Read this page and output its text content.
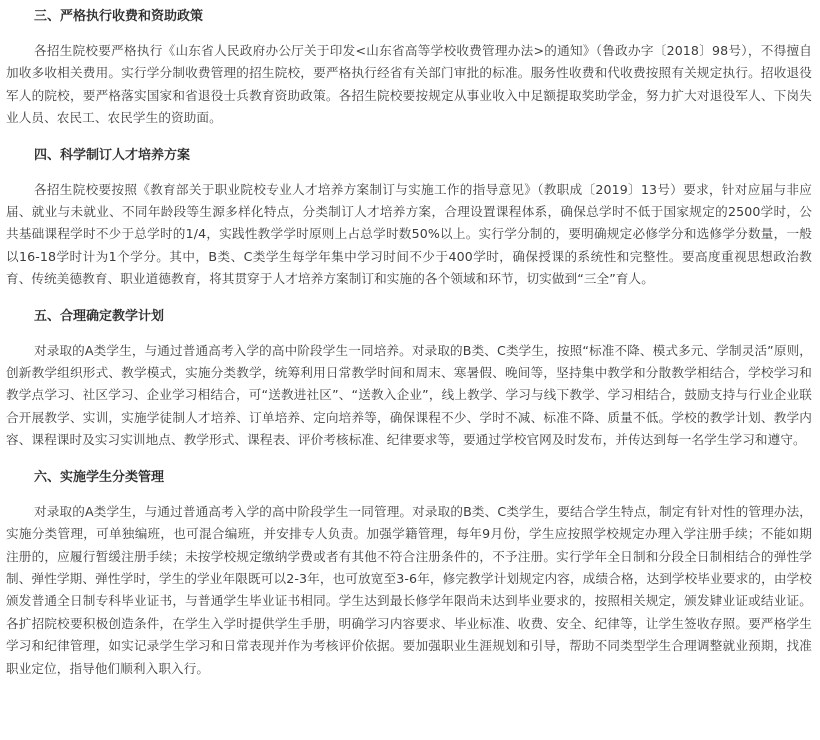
三、严格执行收费和资助政策

各招生院校要严格执行《山东省人民政府办公厅关于印发<山东省高等学校收费管理办法>的通知》（鲁政办字〔2018〕98号），不得擅自加收多收相关费用。实行学分制收费管理的招生院校，要严格执行经省有关部门审批的标准。服务性收费和代收费按照有关规定执行。招收退役军人的院校，要严格落实国家和省退役士兵教育资助政策。各招生院校要按规定从事业收入中足额提取奖助学金，努力扩大对退役军人、下岗失业人员、农民工、农民学生的资助面。

四、科学制订人才培养方案

各招生院校要按照《教育部关于职业院校专业人才培养方案制订与实施工作的指导意见》（教职成〔2019〕13号）要求，针对应届与非应届、就业与未就业、不同年龄段等生源多样化特点，分类制订人才培养方案，合理设置课程体系，确保总学时不低于国家规定的2500学时，公共基础课程学时不少于总学时的1/4，实践性教学学时原则上占总学时数50%以上。实行学分制的，要明确规定必修学分和选修学分数量，一般以16-18学时计为1个学分。其中，B类、C类学生每学年集中学习时间不少于400学时，确保授课的系统性和完整性。要高度重视思想政治教育、传统美德教育、职业道德教育，将其贯穿于人才培养方案制订和实施的各个领域和环节，切实做到“三全”育人。

五、合理确定教学计划

对录取的A类学生，与通过普通高考入学的高中阶段学生一同培养。对录取的B类、C类学生，按照“标准不降、模式多元、学制灵活”原则，创新教学组织形式、教学模式，实施分类教学，统筹利用日常教学时间和周末、寒暑假、晚间等，坚持集中教学和分散教学相结合，学校学习和教学点学习、社区学习、企业学习相结合，可“送教进社区”、“送教入企业”，线上教学、学习与线下教学、学习相结合，鼓励支持与行业企业联合开展教学、实训，实施学徒制人才培养、订单培养、定向培养等，确保课程不少、学时不减、标准不降、质量不低。学校的教学计划、教学内容、课程课时及实习实训地点、教学形式、课程表、评价考核标准、纪律要求等，要通过学校官网及时发布，并传达到每一名学生学习和遵守。

六、实施学生分类管理

对录取的A类学生，与通过普通高考入学的高中阶段学生一同管理。对录取的B类、C类学生，要结合学生特点，制定有针对性的管理办法，实施分类管理，可单独编班，也可混合编班，并安排专人负责。加强学籍管理，每年9月份，学生应按照学校规定办理入学注册手续；不能如期注册的，应履行暂缓注册手续；未按学校规定缴纳学费或者有其他不符合注册条件的，不予注册。实行学年全日制和分段全日制相结合的弹性学制、弹性学期、弹性学时，学生的学业年限既可以2-3年，也可放宽至3-6年，修完教学计划规定内容，成绩合格，达到学校毕业要求的，由学校颁发普通全日制专科毕业证书，与普通学生毕业证书相同。学生达到最长修学年限尚未达到毕业要求的，按照相关规定，颁发肄业证或结业证。各扩招院校要积极创造条件，在学生入学时提供学生手册，明确学习内容要求、毕业标准、收费、安全、纪律等，让学生签收存照。要严格学生学习和纪律管理，如实记录学生学习和日常表现并作为考核评价依据。要加强职业生涯规划和引导，帮助不同类型学生合理调整就业预期，找准职业定位，指导他们顺利入职入行。
